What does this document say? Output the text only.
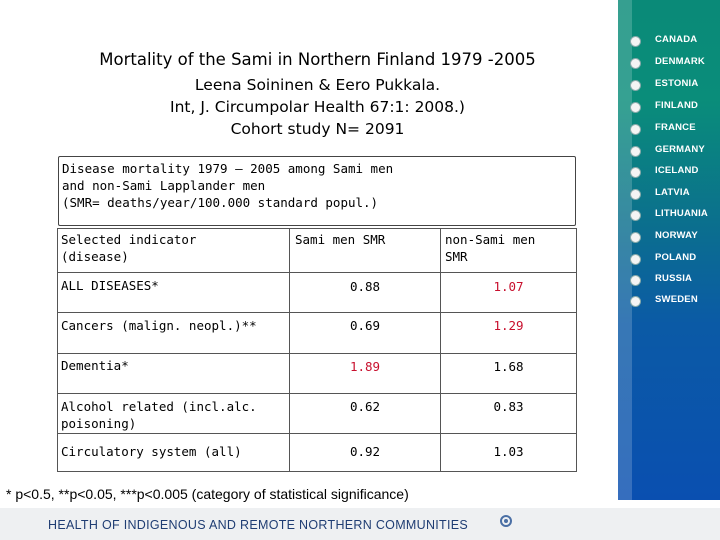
CANADA
DENMARK
ESTONIA
FINLAND
FRANCE
GERMANY
ICELAND
LATVIA
LITHUANIA
NORWAY
POLAND
RUSSIA
SWEDEN
Mortality of the Sami in Northern Finland 1979 -2005
Leena Soininen & Eero Pukkala.
Int, J. Circumpolar Health 67:1: 2008.)
Cohort study N= 2091
Disease mortality 1979 – 2005 among Sami men
and non-Sami Lapplander men
(SMR= deaths/year/100.000 standard popul.)
Selected indicator
(disease)
Sami men SMR	non-Sami men
SMR
ALL DISEASES*	0.88	1.07
Cancers (malign. neopl.)**	0.69	1.29
Dementia*	1.89	1.68
Alcohol related (incl.alc.
poisoning)
0.62	0.83
Circulatory system (all)	0.92	1.03
* p<0.5, **p<0.05, ***p<0.005 (category of statistical significance)
HEALTH OF INDIGENOUS AND REMOTE NORTHERN COMMUNITIES
